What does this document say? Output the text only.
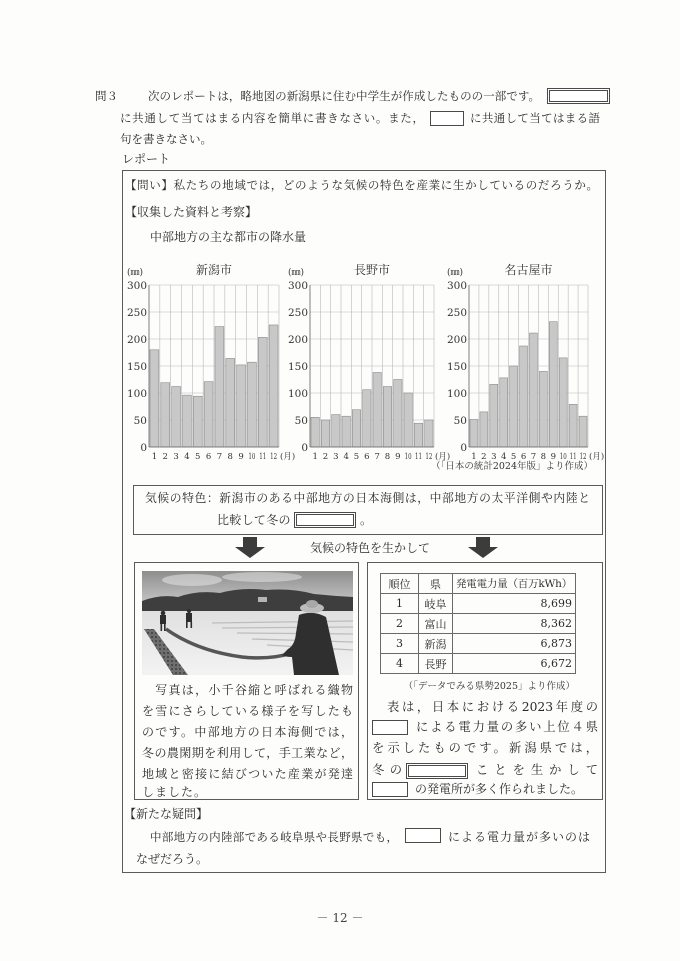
問３	次のレポートは，略地図の新潟県に住む中学生が作成したものの一部です。
に共通して当てはまる内容を簡単に書きなさい。また，	に共通して当てはまる語
句を書きなさい。
レポート
【問い】私たちの地域では，どのような気候の特色を産業に生かしているのだろうか。
【収集した資料と考察】
中部地方の主な都市の降水量
0
50
100
150
200
250
300
1 2 3 4 5 6 7 8 9 10 11 12 (月)
(㎜)	新潟市
0
50
100
150
200
250
300
1 2 3 4 5 6 7 8 9 10 11 12 (月)
(㎜)	長野市
0
50
100
150
200
250
300
1 2 3 4 5 6 7 8 9 10 11 12 (月)
(㎜)	名古屋市
（「日本の統計2024年版」より作成）
気候の特色：新潟市のある中部地方の日本海側は，中部地方の太平洋側や内陸と
比較して冬の	。
気候の特色を生かして
写真は，小千谷縮と呼ばれる織物
を雪にさらしている様子を写したも
のです。中部地方の日本海側では，
冬の農閑期を利用して，手工業など，
地域と密接に結びついた産業が発達
しました。
順位	県	発電電力量（百万kWh）
1	岐阜	8,699
2	富山	8,362
3	新潟	6,873
4	長野	6,672
（「データでみる県勢2025」より作成）
表は，日本における2023年度の
による電力量の多い上位４県
を示したものです。新潟県では，
冬の	ことを生かして
の発電所が多く作られました。
【新たな疑問】
中部地方の内陸部である岐阜県や長野県でも，	による電力量が多いのは
なぜだろう。
－ 12 －
